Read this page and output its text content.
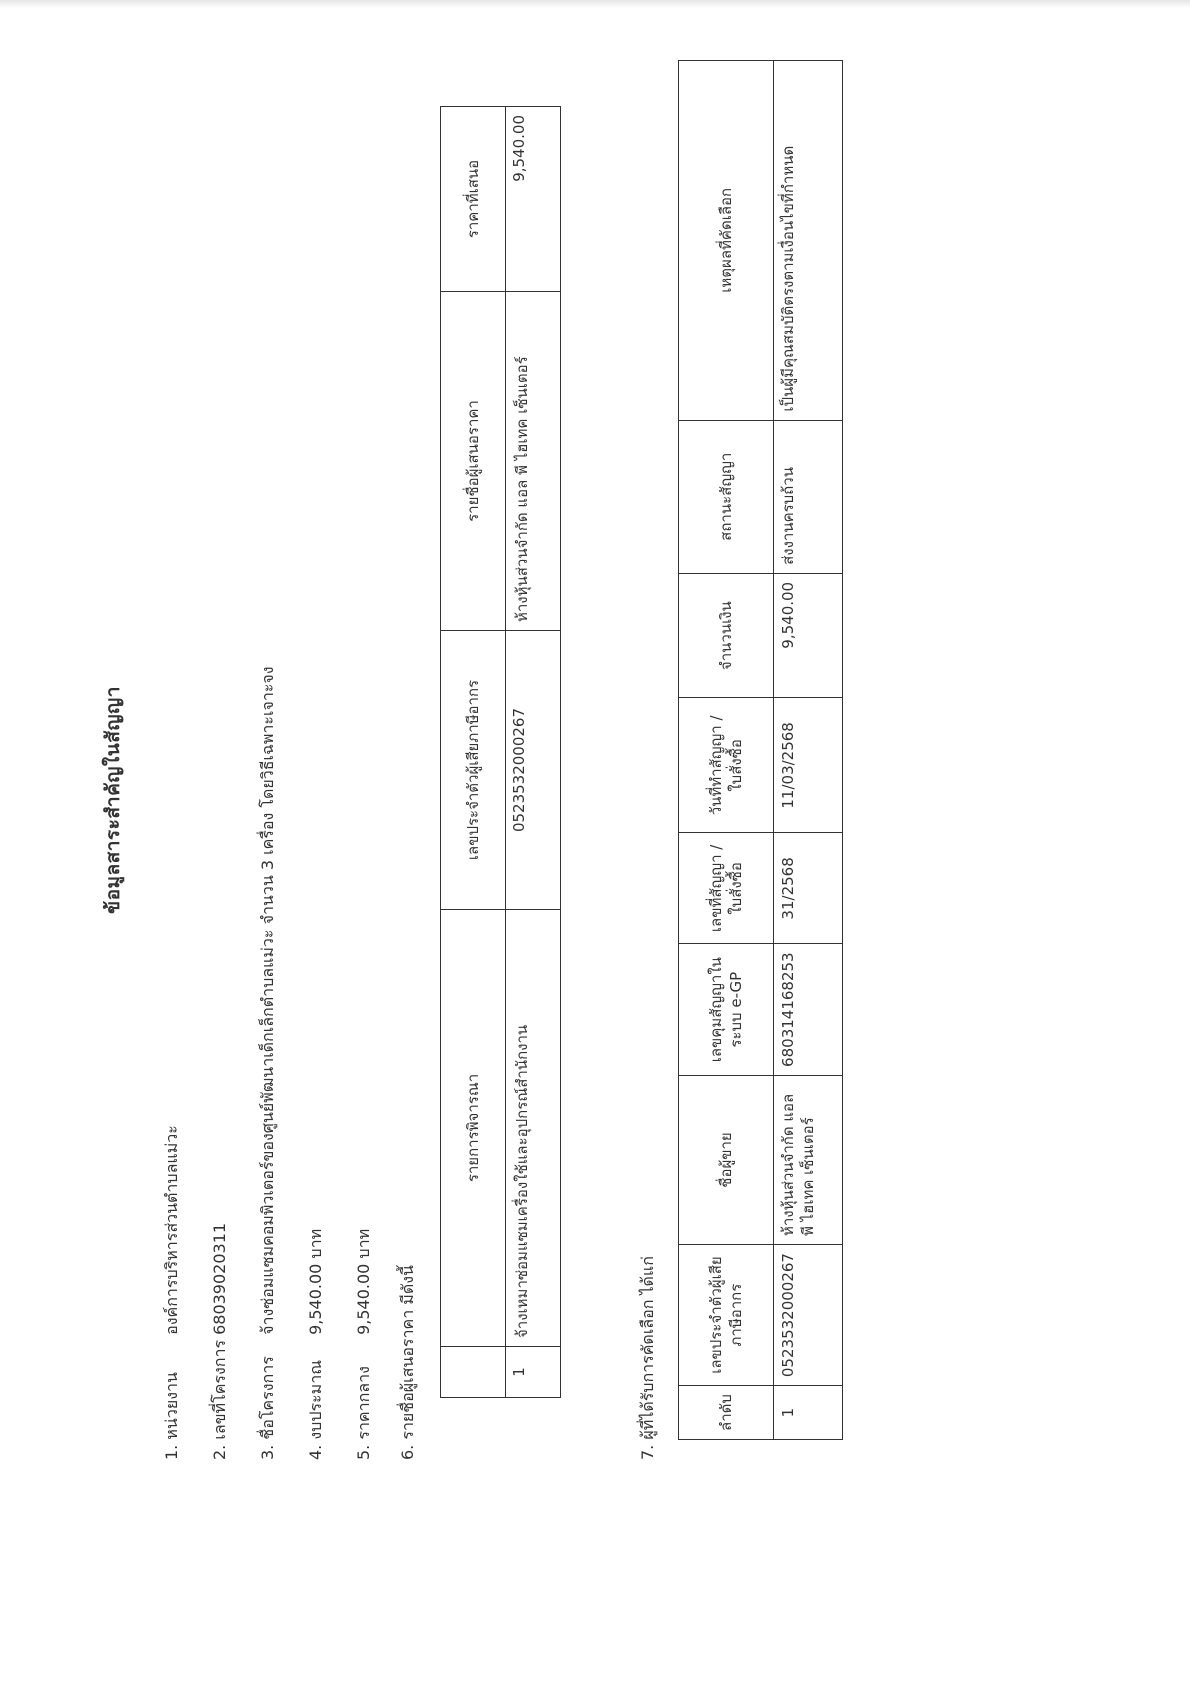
ข้อมูลสาระสำคัญในสัญญา
1. หน่วยงาน องค์การบริหารส่วนตำบลแม่วะ
2. เลขที่โครงการ 68039020311
3. ชื่อโครงการ จ้างซ่อมแซมคอมพิวเตอร์ของศูนย์พัฒนาเด็กเล็กตำบลแม่วะ จำนวน 3 เครื่อง โดยวิธีเฉพาะเจาะจง
4. งบประมาณ 9,540.00 บาท
5. ราคากลาง 9,540.00 บาท 6. รายชื่อผู้เสนอราคา มีดังนี้
	รายการพิจารณา	เลขประจำตัวผู้เสียภาษีอากร	รายชื่อผู้เสนอราคา	ราคาที่เสนอ
1	จ้างเหมาซ่อมแซมเครื่องใช้และอุปกรณ์สำนักงาน	0523532000267	ห้างหุ้นส่วนจำกัด แอล พี ไฮเทค เซ็นเตอร์	9,540.00
7. ผู้ที่ได้รับการคัดเลือก ได้แก่	ลำดับ	เลขประจำตัวผู้เสียภาษีอากร	ชื่อผู้ขาย	เลขคุมสัญญาในระบบ e-GP	เลขที่สัญญา / ใบสั่งซื้อ	วันที่ทำสัญญา / ใบสั่งซื้อ	จำนวนเงิน	สถานะสัญญา	เหตุผลที่คัดเลือก
1	0523532000267	ห้างหุ้นส่วนจำกัด แอล พี ไฮเทค เซ็นเตอร์	680314168253	31/2568	11/03/2568	9,540.00	ส่งงานครบถ้วน	เป็นผู้มีคุณสมบัติตรงตามเงื่อนไขที่กำหนด
